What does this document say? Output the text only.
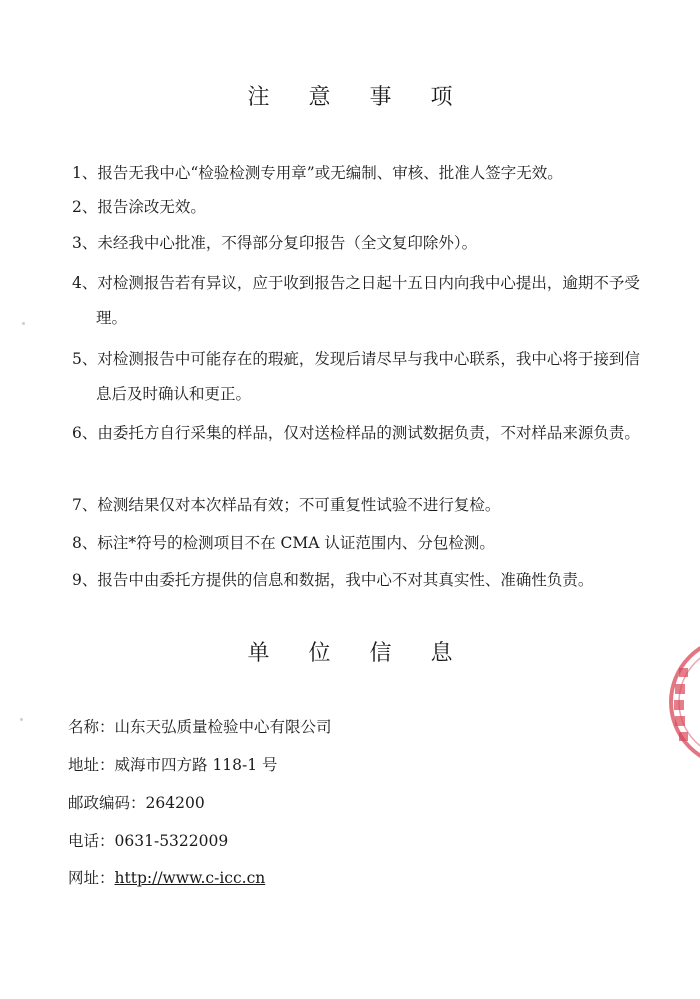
注 意 事 项
1、报告无我中心“检验检测专用章”或无编制、审核、批准人签字无效。
2、报告涂改无效。
3、未经我中心批准，不得部分复印报告（全文复印除外）。
4、对检测报告若有异议，应于收到报告之日起十五日内向我中心提出，逾期不予受理。
5、对检测报告中可能存在的瑕疵，发现后请尽早与我中心联系，我中心将于接到信息后及时确认和更正。
6、由委托方自行采集的样品，仅对送检样品的测试数据负责，不对样品来源负责。
7、检测结果仅对本次样品有效；不可重复性试验不进行复检。
8、标注*符号的检测项目不在 CMA 认证范围内、分包检测。
9、报告中由委托方提供的信息和数据，我中心不对其真实性、准确性负责。
单 位 信 息
名称：山东天弘质量检验中心有限公司
地址：威海市四方路 118-1 号
邮政编码：264200
电话：0631-5322009
网址：http://www.c-icc.cn
